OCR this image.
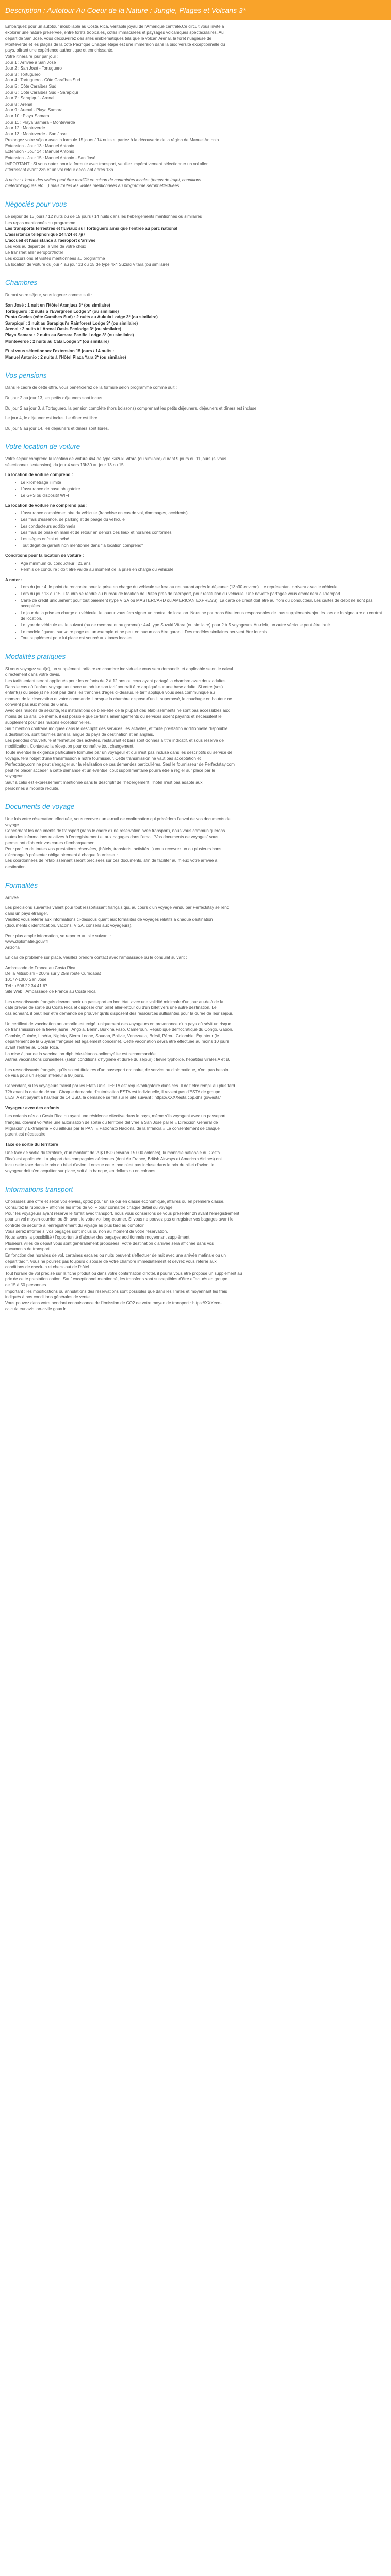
Description : Autotour Au Coeur de la Nature : Jungle, Plages et Volcans 3*

Embarquez pour un autotour inoubliable au Costa Rica, véritable joyau de l'Amérique centrale.Ce circuit vous invite à

explorer une nature préservée, entre forêts tropicales, côtes immaculées et paysages volcaniques spectaculaires. Au

départ de San José, vous découvrirez des sites emblématiques tels que le volcan Arenal, la forêt nuageuse de

Monteverde et les plages de la côte Pacifique.Chaque étape est une immersion dans la biodiversité exceptionnelle du

pays, offrant une expérience authentique et enrichissante.

Votre itinéraire jour par jour :

Jour 1 : Arrivée à San José

Jour 2 : San José - Tortuguero

Jour 3 : Tortuguero

Jour 4 : Tortuguero - Côte Caraïbes Sud

Jour 5 : Côte Caraïbes Sud

Jour 6 : Côte Caraïbes Sud - Sarapiquí

Jour 7 : Sarapiquí - Arenal

Jour 8 : Arenal

Jour 9 : Arenal - Playa Samara

Jour 10 : Playa Samara

Jour 11 : Playa Samara - Monteverde

Jour 12 : Monteverde

Jour 13 : Monteverde - San Jose

Prolongez votre séjour avec la formule 15 jours / 14 nuits et partez à la découverte de la région de Manuel Antonio.

Extension - Jour 13 : Manuel Antonio

Extension - Jour 14 : Manuel Antonio

Extension - Jour 15 : Manuel Antonio - San José

IMPORTANT : Si vous optez pour la formule avec transport, veuillez impérativement sélectionner un vol aller

atterrissant avant 23h et un vol retour décollant après 13h.

A noter : L'ordre des visites peut être modifié en raison de contraintes locales (temps de trajet, conditions

météorologiques etc ...) mais toutes les visites mentionnées au programme seront effectuées.

Nègociés pour vous

Le séjour de 13 jours / 12 nuits ou de 15 jours / 14 nuits dans les hébergements mentionnés ou similaires

Les repas mentionnés au programme

Les transports terrestres et fluviaux sur Tortuguero ainsi que l'entrée au parc national

L'assistance téléphonique 24h/24 et 7j/7

L'accueil et l'assistance à l'aéroport d'arrivée

Les vols au départ de la ville de votre choix

Le transfert aller aéroport/hôtel

Les excursions et visites mentionnées au programme

La location de voiture du jour 4 au jour 13 ou 15 de type 4x4 Suzuki Vitara (ou similaire)

Chambres

Durant votre séjour, vous logerez comme suit :

San José : 1 nuit en l'Hôtel Aranjuez 3* (ou similaire)

Tortuguero : 2 nuits à l'Evergreen Lodge 3* (ou similaire)

Punta Cocles (côte Caraïbes Sud) : 2 nuits au Aukula Lodge 3* (ou similaire)

Sarapiquí : 1 nuit au Sarapiquí's Rainforest Lodge 3* (ou similaire)

Arenal : 2 nuits à l'Arenal Oasis Ecolodge 3* (ou similaire)

Playa Samara : 2 nuits au Samara Pacific Lodge 3* (ou similaire)

Monteverde : 2 nuits au Cala Lodge 3* (ou similaire)

Et si vous sélectionnez l'extension 15 jours / 14 nuits :

Manuel Antonio : 2 nuits à l'Hôtel Plaza Yara 3* (ou similaire)

Vos pensions

Dans le cadre de cette offre, vous bénéficierez de la formule selon programme comme suit :

Du jour 2 au jour 13, les petits déjeuners sont inclus.

Du jour 2 au jour 3, à Tortuguero, la pension complète (hors boissons) comprenant les petits déjeuners, déjeuners et dîners est incluse.

Le jour 4, le déjeuner est inclus. Le dîner est libre.

Du jour 5 au jour 14, les déjeuners et dîners sont libres.

Votre location de voiture

Votre séjour comprend la location de voiture 4x4 de type Suzuki Vitara (ou similaire) durant 9 jours ou 11 jours (si vous

sélectionnez l'extension), du jour 4 vers 13h30 au jour 13 ou 15.

La location de voiture comprend :

• Le kilométrage illimité
• L'assurance de base obligatoire
• Le GPS ou dispositif WIFI

La location de voiture ne comprend pas :

• L'assurance complémentaire du véhicule (franchise en cas de vol, dommages, accidents).
• Les frais d'essence, de parking et de péage du véhicule
• Les conducteurs additionnels
• Les frais de prise en main et de retour en dehors des lieux et horaires conformes
• Les sièges enfant et bébé
• Tout dégât de garanti non mentionné dans "la location comprend"

Conditions pour la location de voiture :

• Age minimum du conducteur : 21 ans
• Permis de conduire : doit être valide au moment de la prise en charge du véhicule

A noter :

• Lors du jour 4, le point de rencontre pour la prise en charge du véhicule se fera au restaurant après le déjeuner (13h30 environ). Le représentant arrivera avec le véhicule.
• Lors du jour 13 ou 15, il faudra se rendre au bureau de location de Ruteo près de l'aéroport, pour restitution du véhicule. Une navette partagée vous emmènera à l'aéroport.
• Carte de crédit uniquement pour tout paiement (type VISA ou MASTERCARD ou AMERICAN EXPRESS). La carte de crédit doit être au nom du conducteur. Les cartes de débit ne sont pas acceptées.
• Le jour de la prise en charge du véhicule, le loueur vous fera signer un contrat de location. Nous ne pourrons être tenus responsables de tous suppléments ajoutés lors de la signature du contrat de location.
• Le type de véhicule est le suivant (ou de membre et ou gamme) : 4x4 type Suzuki Vitara (ou similaire) pour 2 à 5 voyageurs. Au-delà, un autre véhicule peut être loué.
• Le modèle figurant sur votre page est un exemple et ne peut en aucun cas être garanti. Des modèles similaires peuvent être fournis.
• Tout supplément pour lui place est sourcé aux taxes locales.
Modalités pratiques

Si vous voyagez seul(e), un supplément tarifaire en chambre individuelle vous sera demandé, et applicable selon le calcul

directement dans votre devis.

Les tarifs enfant seront appliqués pour les enfants de 2 à 12 ans ou ceux ayant partagé la chambre avec deux adultes.

Dans le cas où l'enfant voyage seul avec un adulte son tarif pourrait être appliqué sur une base adulte. Si votre (vos)

enfant(s) ou bébé(s) ne sont pas dans les tranches d'âges ci-dessus, le tarif appliqué vous sera communiqué au

moment de la réservation et votre commande. Lorsque la chambre dispose d'un lit superposé, le couchage en hauteur ne

convient pas aux moins de 6 ans.

Avec des raisons de sécurité, les installations de bien-être de la plupart des établissements ne sont pas accessibles aux

moins de 16 ans. De même, il est possible que certains aménagements ou services soient payants et nécessitent le

supplément pour des raisons exceptionnelles.

Sauf mention contraire indiquée dans le descriptif des services, les activités, et toute prestation additionnelle disponible

à destination, sont fournies dans la langue du pays de destination et en anglais.

Les périodes d'ouverture et fermeture des activités, restaurant et bars sont donnés à titre indicatif, et sous réserve de

modification. Contactez la réception pour connaître tout changement.

Toute éventuelle exigence particulière formulée par un voyageur et qui n'est pas incluse dans les descriptifs du service de

voyage, fera l'objet d'une transmission à notre fournisseur. Cette transmission ne vaut pas acceptation et

Perfectstay.com ne peut s'engager sur la réalisation de ces demandes particulières. Seul le fournisseur de Perfectstay.com

peut ne placer accéder à cette demande et un éventuel coût supplémentaire pourra être à régler sur place par le

voyageur.

Sauf à celui est expressément mentionné dans le descriptif de l'hébergement, l'hôtel n'est pas adapté aux

personnes à mobilité réduite.

Documents de voyage

Une fois votre réservation effectuée, vous recevrez un e-mail de confirmation qui précédera l'envoi de vos documents de

voyage.

Concernant les documents de transport (dans le cadre d'une réservation avec transport), nous vous communiquerons

toutes les informations relatives à l'enregistrement et aux bagages dans l'email "Vos documents de voyages" vous

permettant d'obtenir vos cartes d'embarquement.

Pour profiter de toutes vos prestations réservées, (hôtels, transferts, activités...) vous recevrez un ou plusieurs bons

d'échange à présenter obligatoirement à chaque fournisseur.

Les coordonnées de l'établissement seront précisées sur ces documents, afin de faciliter au mieux votre arrivée à

destination.

Formalités

Arrivee

Les précisions suivantes valent pour tout ressortissant français qui, au cours d'un voyage vendu par Perfectstay se rend

dans un pays étranger.

Veuillez vous référer aux informations ci-dessous quant aux formalités de voyages relatifs à chaque destination

(documents d'identification, vaccins, VISA, conseils aux voyageurs).

Pour plus ample information, se reporter au site suivant :

www.diplomatie.gouv.fr

Arizona

En cas de problème sur place, veuillez prendre contact avec l'ambassade ou le consulat suivant :

Ambassade de France au Costa Rica

De la Mitsubishi - 200m sur y 25m route Curridabat

10177-1000 San José

Tél : +506 22 34 41 67

Site Web : Ambassade de France au Costa Rica

Les ressortissants français devront avoir un passeport en bon état, avec une validité minimale d'un jour au-delà de la

date prévue de sortie du Costa Rica et disposer d'un billet aller-retour ou d'un billet vers une autre destination. Le

cas échéant, il peut leur être demandé de prouver qu'ils disposent des ressources suffisantes pour la durée de leur séjour.

Un certificat de vaccination antiamarile est exigé, uniquement des voyageurs en provenance d'un pays où sévit un risque

de transmission de la fièvre jaune : Angola, Bénin, Burkina Faso, Cameroun, République démocratique du Congo, Gabon,

Gambie, Guinée, Libéria, Nigéria, Sierra Leone, Soudan, Bolivie, Venezuela, Brésil, Pérou, Colombie, Équateur (le

département de la Guyane française est également concerné). Cette vaccination devra être effectuée au moins 10 jours

avant l'entrée au Costa Rica.

La mise à jour de la vaccination diphtérie-tétanos-poliomyélite est recommandée.

Autres vaccinations conseillées (selon conditions d'hygiène et durée du séjour) : fièvre typhoïde, hépatites virales A et B.

Les ressortissants français, qu'ils soient titulaires d'un passeport ordinaire, de service ou diplomatique, n'ont pas besoin

de visa pour un séjour inférieur à 90 jours.

Cependant, si les voyageurs transit par les Etats Unis, l'ESTA est requis/obligatoire dans ces. Il doit être rempli au plus tard

72h avant la date de départ. Chaque demande d'autorisation ESTA est individuelle, il revient pas d'ESTA de groupe.

L'ESTA est payant à hauteur de 14 USD, la demande se fait sur le site suivant : https://XXXXesta.cbp.dhs.gov/esta/

Voyageur avec des enfants

Les enfants nés au Costa Rica ou ayant une résidence effective dans le pays, même s'ils voyagent avec un passeport

français, doivent voir/être une autorisation de sortie du territoire délivrée à San José par le « Dirección General de

Migración y Extranjería » ou ailleurs par le PANI « Patronato Nacional de la Infancia » Le consentement de chaque

parent est nécessaire.

Taxe de sortie du territoire

Une taxe de sortie du territoire, d'un montant de 29$ USD (environ 15 000 colones), la monnaie nationale du Costa

Rica) est appliquée. La plupart des compagnies aériennes (dont Air France, British Airways et American Airlines) ont

inclu cette taxe dans le prix du billet d'avion. Lorsque cette taxe n'est pas incluse dans le prix du billet d'avion, le

voyageur doit s'en acquitter sur place, soit à la banque, en dollars ou en colones.

Informations transport

Choisissez une offre et selon vos envies, optez pour un séjour en classe économique, affaires ou en première classe.

Consultez la rubrique « affichier les infos de vol » pour connaître chaque détail du voyage.

Pour les voyageurs ayant réservé le forfait avec transport, nous vous conseillons de vous présenter 2h avant l'enregistrement

pour un vol moyen-courrier, ou 3h avant le votre vol long-courrier. Si vous ne pouvez pas enregistrer vos bagages avant le

contrôle de sécurité à l'enregistrement du voyage au plus tard au comptoir.

Vous serez informé si vos bagages sont inclus ou non au moment de votre réservation.

Nous avons la possibilité / l'opportunité d'ajouter des bagages additionnels moyennant supplément.

Plusieurs villes de départ vous sont généralement proposées. Votre destination d'arrivée sera affichée dans vos

documents de transport.

En fonction des horaires de vol, certaines escales ou nuits peuvent s'effectuer de nuit avec une arrivée matinale ou un

départ tardif. Vous ne pourrez pas toujours disposer de votre chambre immédiatement et devrez vous référer aux

conditions de check-in et check-out de l'hôtel.

Tout horaire de vol précisé sur la fiche produit ou dans votre confirmation d'hôtel, il pourra vous être proposé un supplément au

prix de cette prestation option. Sauf exceptionnel mentionné, les transferts sont susceptibles d'être effectués en groupe

de 15 à 50 personnes.

Important : les modifications ou annulations des réservations sont possibles que dans les limites et moyennant les frais

indiqués à nos conditions générales de vente.

Vous pouvez dans votre pendant connaissance de l'émission de CO2 de votre moyen de transport : https://XXXeco-

calculateur.aviation-civile.gouv.fr
